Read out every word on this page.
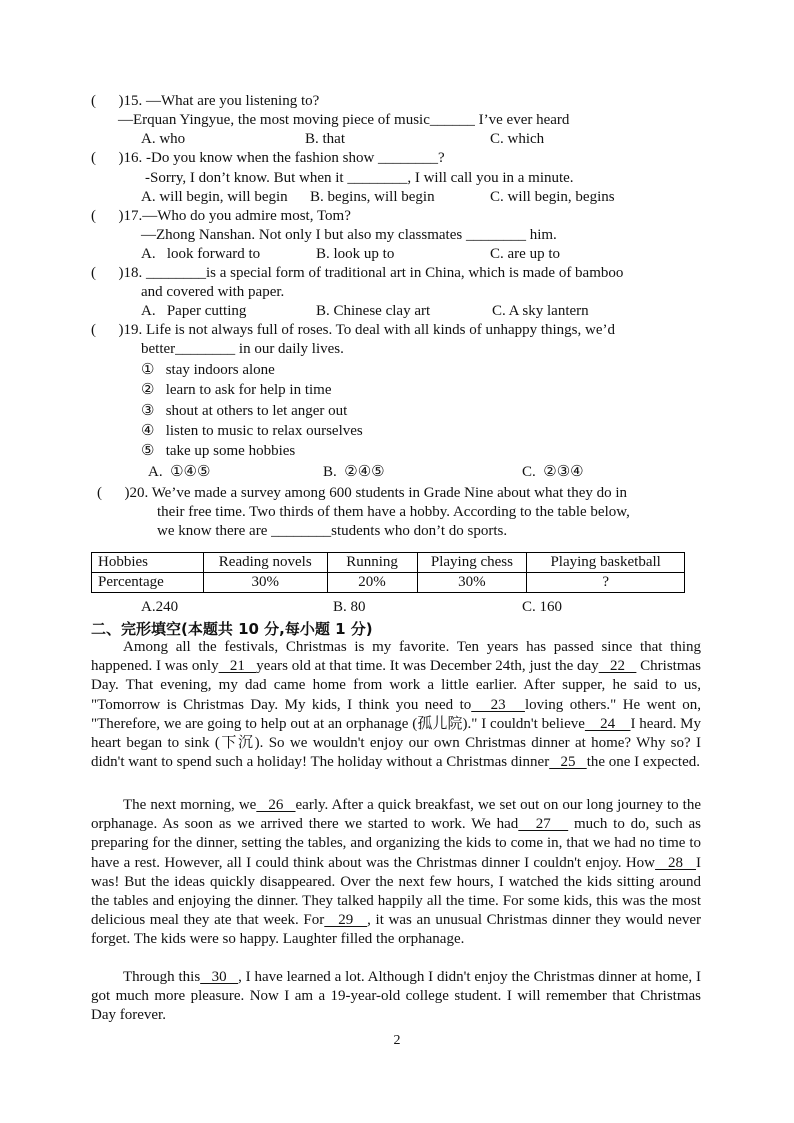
(      )15. —What are you listening to?
—Erquan Yingyue, the most moving piece of music______ I’ve ever heard
A. who	B. that	C. which
(      )16. -Do you know when the fashion show ________?
-Sorry, I don’t know. But when it ________, I will call you in a minute.
A. will begin, will begin B. begins, will begin	C. will begin, begins
(      )17.—Who do you admire most, Tom?
—Zhong Nanshan. Not only I but also my classmates ________ him.
A.   look forward to	B. look up to	C. are up to
(      )18. ________is a special form of traditional art in China, which is made of bamboo
and covered with paper.
A.   Paper cutting	B. Chinese clay art	C. A sky lantern
(      )19. Life is not always full of roses. To deal with all kinds of unhappy things, we’d
better________ in our daily lives.
①   stay indoors alone
②   learn to ask for help in time
③   shout at others to let anger out
④   listen to music to relax ourselves
⑤   take up some hobbies
A.  ①④⑤	B.  ②④⑤	C.  ②③④
(      )20. We’ve made a survey among 600 students in Grade Nine about what they do in
their free time. Two thirds of them have a hobby. According to the table below,
we know there are ________students who don’t do sports.
Hobbies	Reading novels	Running	Playing chess	Playing basketball
Percentage	30%	20%	30%	?
A.240	B. 80	C. 160
二、完形填空(本题共 10 分,每小题 1 分)
Among all the festivals, Christmas is my favorite. Ten years has passed since that thing happened. I was only   21   years old at that time. It was December 24th, just the day   22    Christmas Day. That evening, my dad came home from work a little earlier. After supper, he said to us, "Tomorrow is Christmas Day. My kids, I think you need to   23   loving others." He went on, "Therefore, we are going to help out at an orphanage (孤儿院)." I couldn't believe    24    I heard. My heart began to sink (下沉). So we wouldn't enjoy our own Christmas dinner at home? Why so? I didn't want to spend such a holiday! The holiday without a Christmas dinner   25   the one I expected.
The next morning, we   26   early. After a quick breakfast, we set out on our long journey to the orphanage. As soon as we arrived there we started to work. We had   27    much to do, such as preparing for the dinner, setting the tables, and organizing the kids to come in, that we had no time to have a rest. However, all I could think about was the Christmas dinner I couldn't enjoy. How   28   I was! But the ideas quickly disappeared. Over the next few hours, I watched the kids sitting around the tables and enjoying the dinner. They talked happily all the time. For some kids, this was the most delicious meal they ate that week. For   29   , it was an unusual Christmas dinner they would never forget. The kids were so happy. Laughter filled the orphanage.
Through this   30   , I have learned a lot. Although I didn't enjoy the Christmas dinner at home, I got much more pleasure. Now I am a 19-year-old college student. I will remember that Christmas Day forever.
2
